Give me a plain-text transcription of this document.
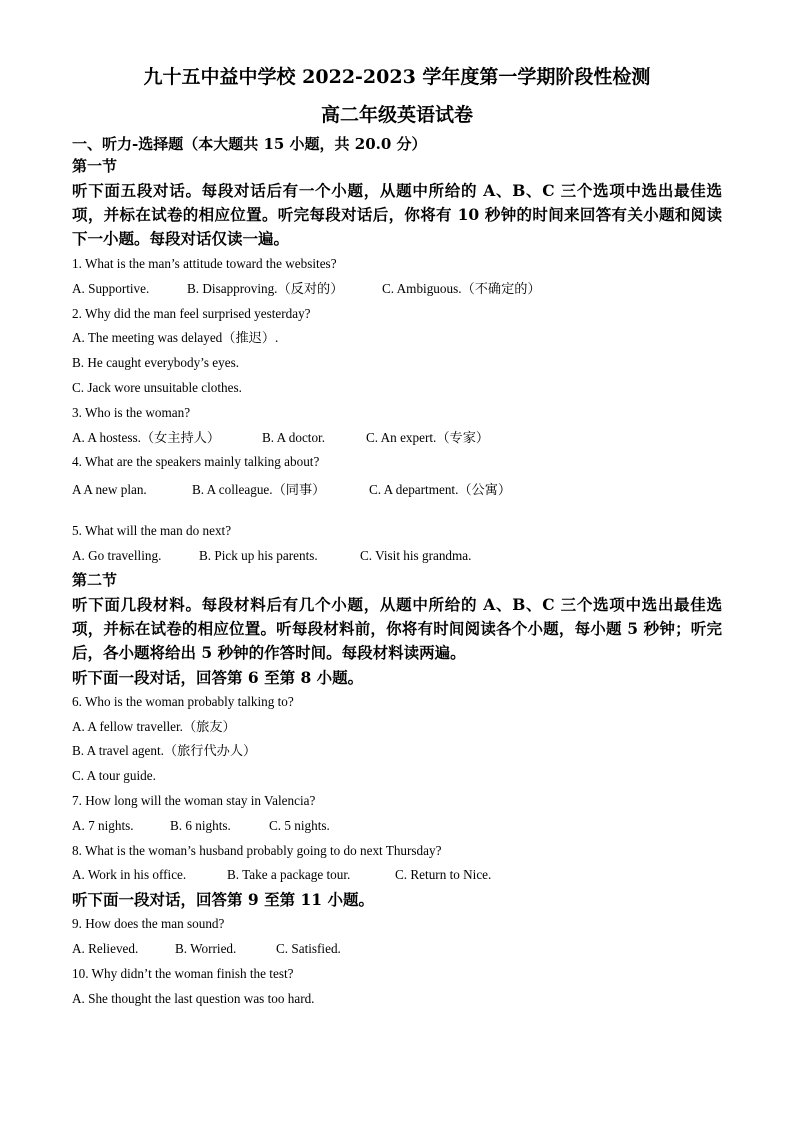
九十五中益中学校 2022-2023 学年度第一学期阶段性检测
高二年级英语试卷
一、听力-选择题（本大题共 15 小题，共 20.0 分）
第一节
听下面五段对话。每段对话后有一个小题，从题中所给的 A、B、C 三个选项中选出最佳选项，并标在试卷的相应位置。听完每段对话后，你将有 10 秒钟的时间来回答有关小题和阅读下一小题。每段对话仅读一遍。
1. What is the man’s attitude toward the websites?
A. Supportive.	B. Disapproving.（反对的）	C. Ambiguous.（不确定的）
2. Why did the man feel surprised yesterday?
A. The meeting was delayed（推迟）.
B. He caught everybody’s eyes.
C. Jack wore unsuitable clothes.
3. Who is the woman?
A. A hostess.（女主持人）	B. A doctor.	C. An expert.（专家）
4. What are the speakers mainly talking about?
A A new plan.	B. A colleague.（同事）	C. A department.（公寓）
5. What will the man do next?
A. Go travelling.	B. Pick up his parents.	C. Visit his grandma.
第二节
听下面几段材料。每段材料后有几个小题，从题中所给的 A、B、C 三个选项中选出最佳选项，并标在试卷的相应位置。听每段材料前，你将有时间阅读各个小题，每小题 5 秒钟；听完后，各小题将给出 5 秒钟的作答时间。每段材料读两遍。
听下面一段对话，回答第 6 至第 8 小题。
6. Who is the woman probably talking to?
A. A fellow traveller.（旅友）
B. A travel agent.（旅行代办人）
C. A tour guide.
7. How long will the woman stay in Valencia?
A. 7 nights.	B. 6 nights.	C. 5 nights.
8. What is the woman’s husband probably going to do next Thursday?
A. Work in his office.	B. Take a package tour.	C. Return to Nice.
听下面一段对话，回答第 9 至第 11 小题。
9. How does the man sound?
A. Relieved.	B. Worried.	C. Satisfied.
10. Why didn’t the woman finish the test?
A. She thought the last question was too hard.
